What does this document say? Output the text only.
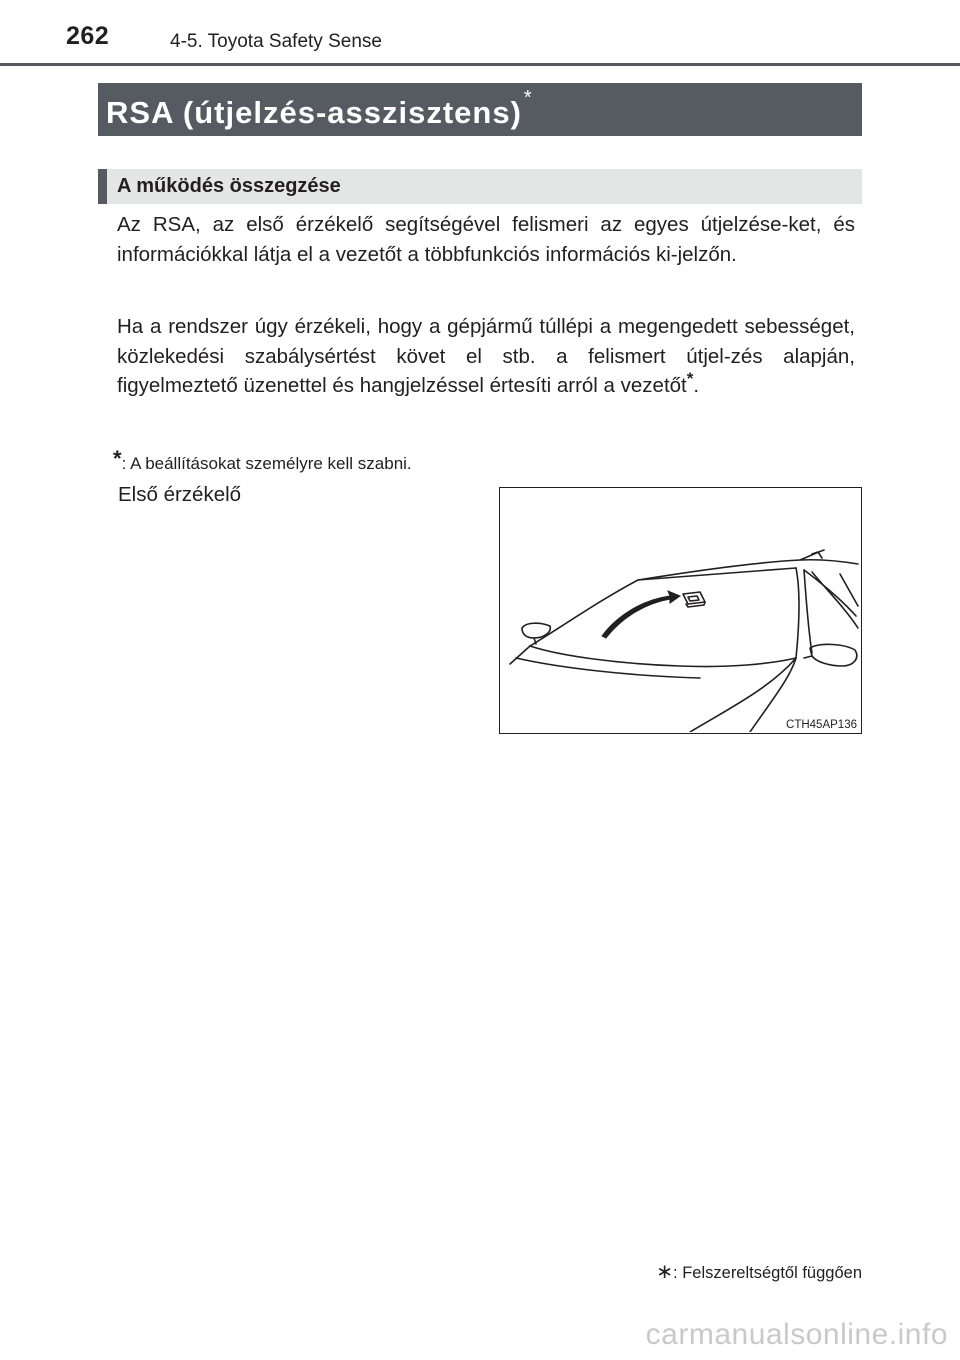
262	4-5. Toyota Safety Sense
RSA (útjelzés-asszisztens) *
A működés összegzése

Az RSA, az első érzékelő segítségével felismeri az egyes útjelzése-ket, és információkkal látja el a vezetőt a többfunkciós információs ki-jelzőn.

Ha a rendszer úgy érzékeli, hogy a gépjármű túllépi a megengedett sebességet, közlekedési szabálysértést követ el stb. a felismert útjel-zés alapján, figyelmeztető üzenettel és hangjelzéssel értesíti arról a vezetőt*.

*: A beállításokat személyre kell szabni.
Első érzékelő
CTH45AP136
∗: Felszereltségtől függően
carmanualsonline.info
